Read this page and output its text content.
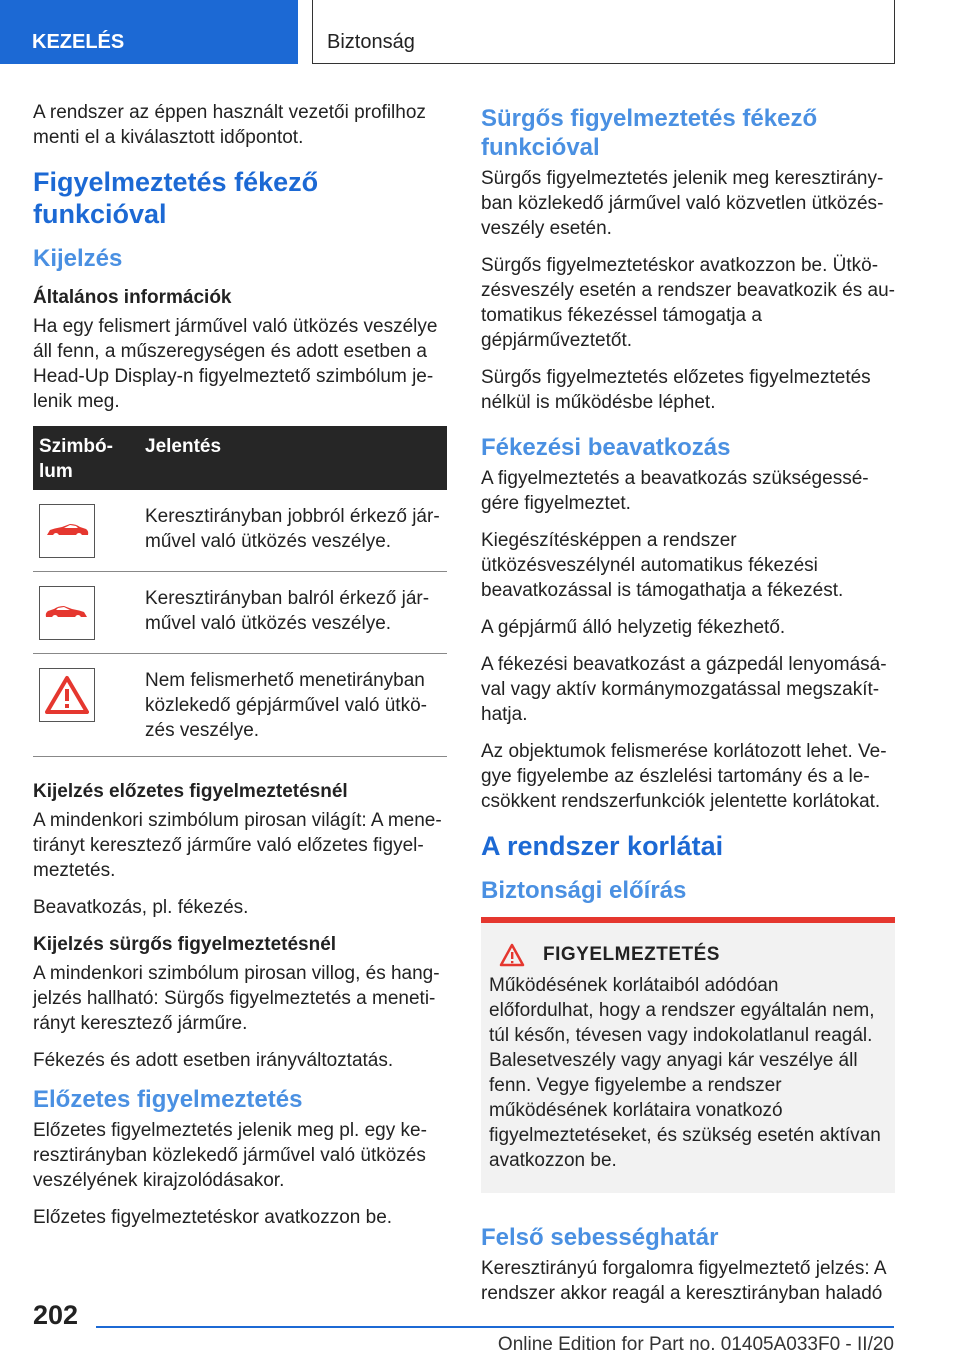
KEZELÉS	Biztonság

A rendszer az éppen használt vezetői profilhoz menti el a kiválasztott időpontot.

Figyelmeztetés fékező funkcióval
Kijelzés
Általános információk

Ha egy felismert járművel való ütközés veszélye áll fenn, a műszeregységen és adott esetben a Head-Up Display-n figyelmeztető szimbólum jelenik meg.

Szimbólum	Jelentés

	Keresztirányban jobbról érkező járművel való ütközés veszélye.

	Keresztirányban balról érkező járművel való ütközés veszélye.

	Nem felismerhető menetirányban közlekedő gépjárművel való ütközés veszélye.
Kijelzés előzetes figyelmeztetésnél

A mindenkori szimbólum pirosan világít: A menetirányt keresztező járműre való előzetes figyelmeztetés.

Beavatkozás, pl. fékezés.

Kijelzés sürgős figyelmeztetésnél

A mindenkori szimbólum pirosan villog, és hangjelzés hallható: Sürgős figyelmeztetés a menetirányt keresztező járműre.

Fékezés és adott esetben irányváltoztatás.

Előzetes figyelmeztetés

Előzetes figyelmeztetés jelenik meg pl. egy keresztirányban közlekedő járművel való ütközés veszélyének kirajzolódásakor.

Előzetes figyelmeztetéskor avatkozzon be.

Sürgős figyelmeztetés fékező funkcióval

Sürgős figyelmeztetés jelenik meg keresztirányban közlekedő járművel való közvetlen ütközésveszély esetén.

Sürgős figyelmeztetéskor avatkozzon be. Ütközésveszély esetén a rendszer beavatkozik és automatikus fékezéssel támogatja a gépjárműveztetőt.

Sürgős figyelmeztetés előzetes figyelmeztetés nélkül is működésbe léphet.

Fékezési beavatkozás

A figyelmeztetés a beavatkozás szükségességére figyelmeztet.

Kiegészítésképpen a rendszer ütközésveszélynél automatikus fékezési beavatkozással is támogathatja a fékezést.

A gépjármű álló helyzetig fékezhető.

A fékezési beavatkozást a gázpedál lenyomásával vagy aktív kormánymozgatással megszakíthatja.

Az objektumok felismerése korlátozott lehet. Vegye figyelembe az észlelési tartomány és a lecsökkent rendszerfunkciók jelentette korlátokat.

A rendszer korlátai
Biztonsági előírás
FIGYELMEZTETÉS

Működésének korlátaiból adódóan előfordulhat, hogy a rendszer egyáltalán nem, túl későn, tévesen vagy indokolatlanul reagál. Balesetveszély vagy anyagi kár veszélye áll fenn. Vegye figyelembe a rendszer működésének korlátaira vonatkozó figyelmeztetéseket, és szükség esetén aktívan avatkozzon be.

Felső sebességhatár

Keresztirányú forgalomra figyelmeztető jelzés: A rendszer akkor reagál a keresztirányban haladó

202
Online Edition for Part no. 01405A033F0 - II/20
